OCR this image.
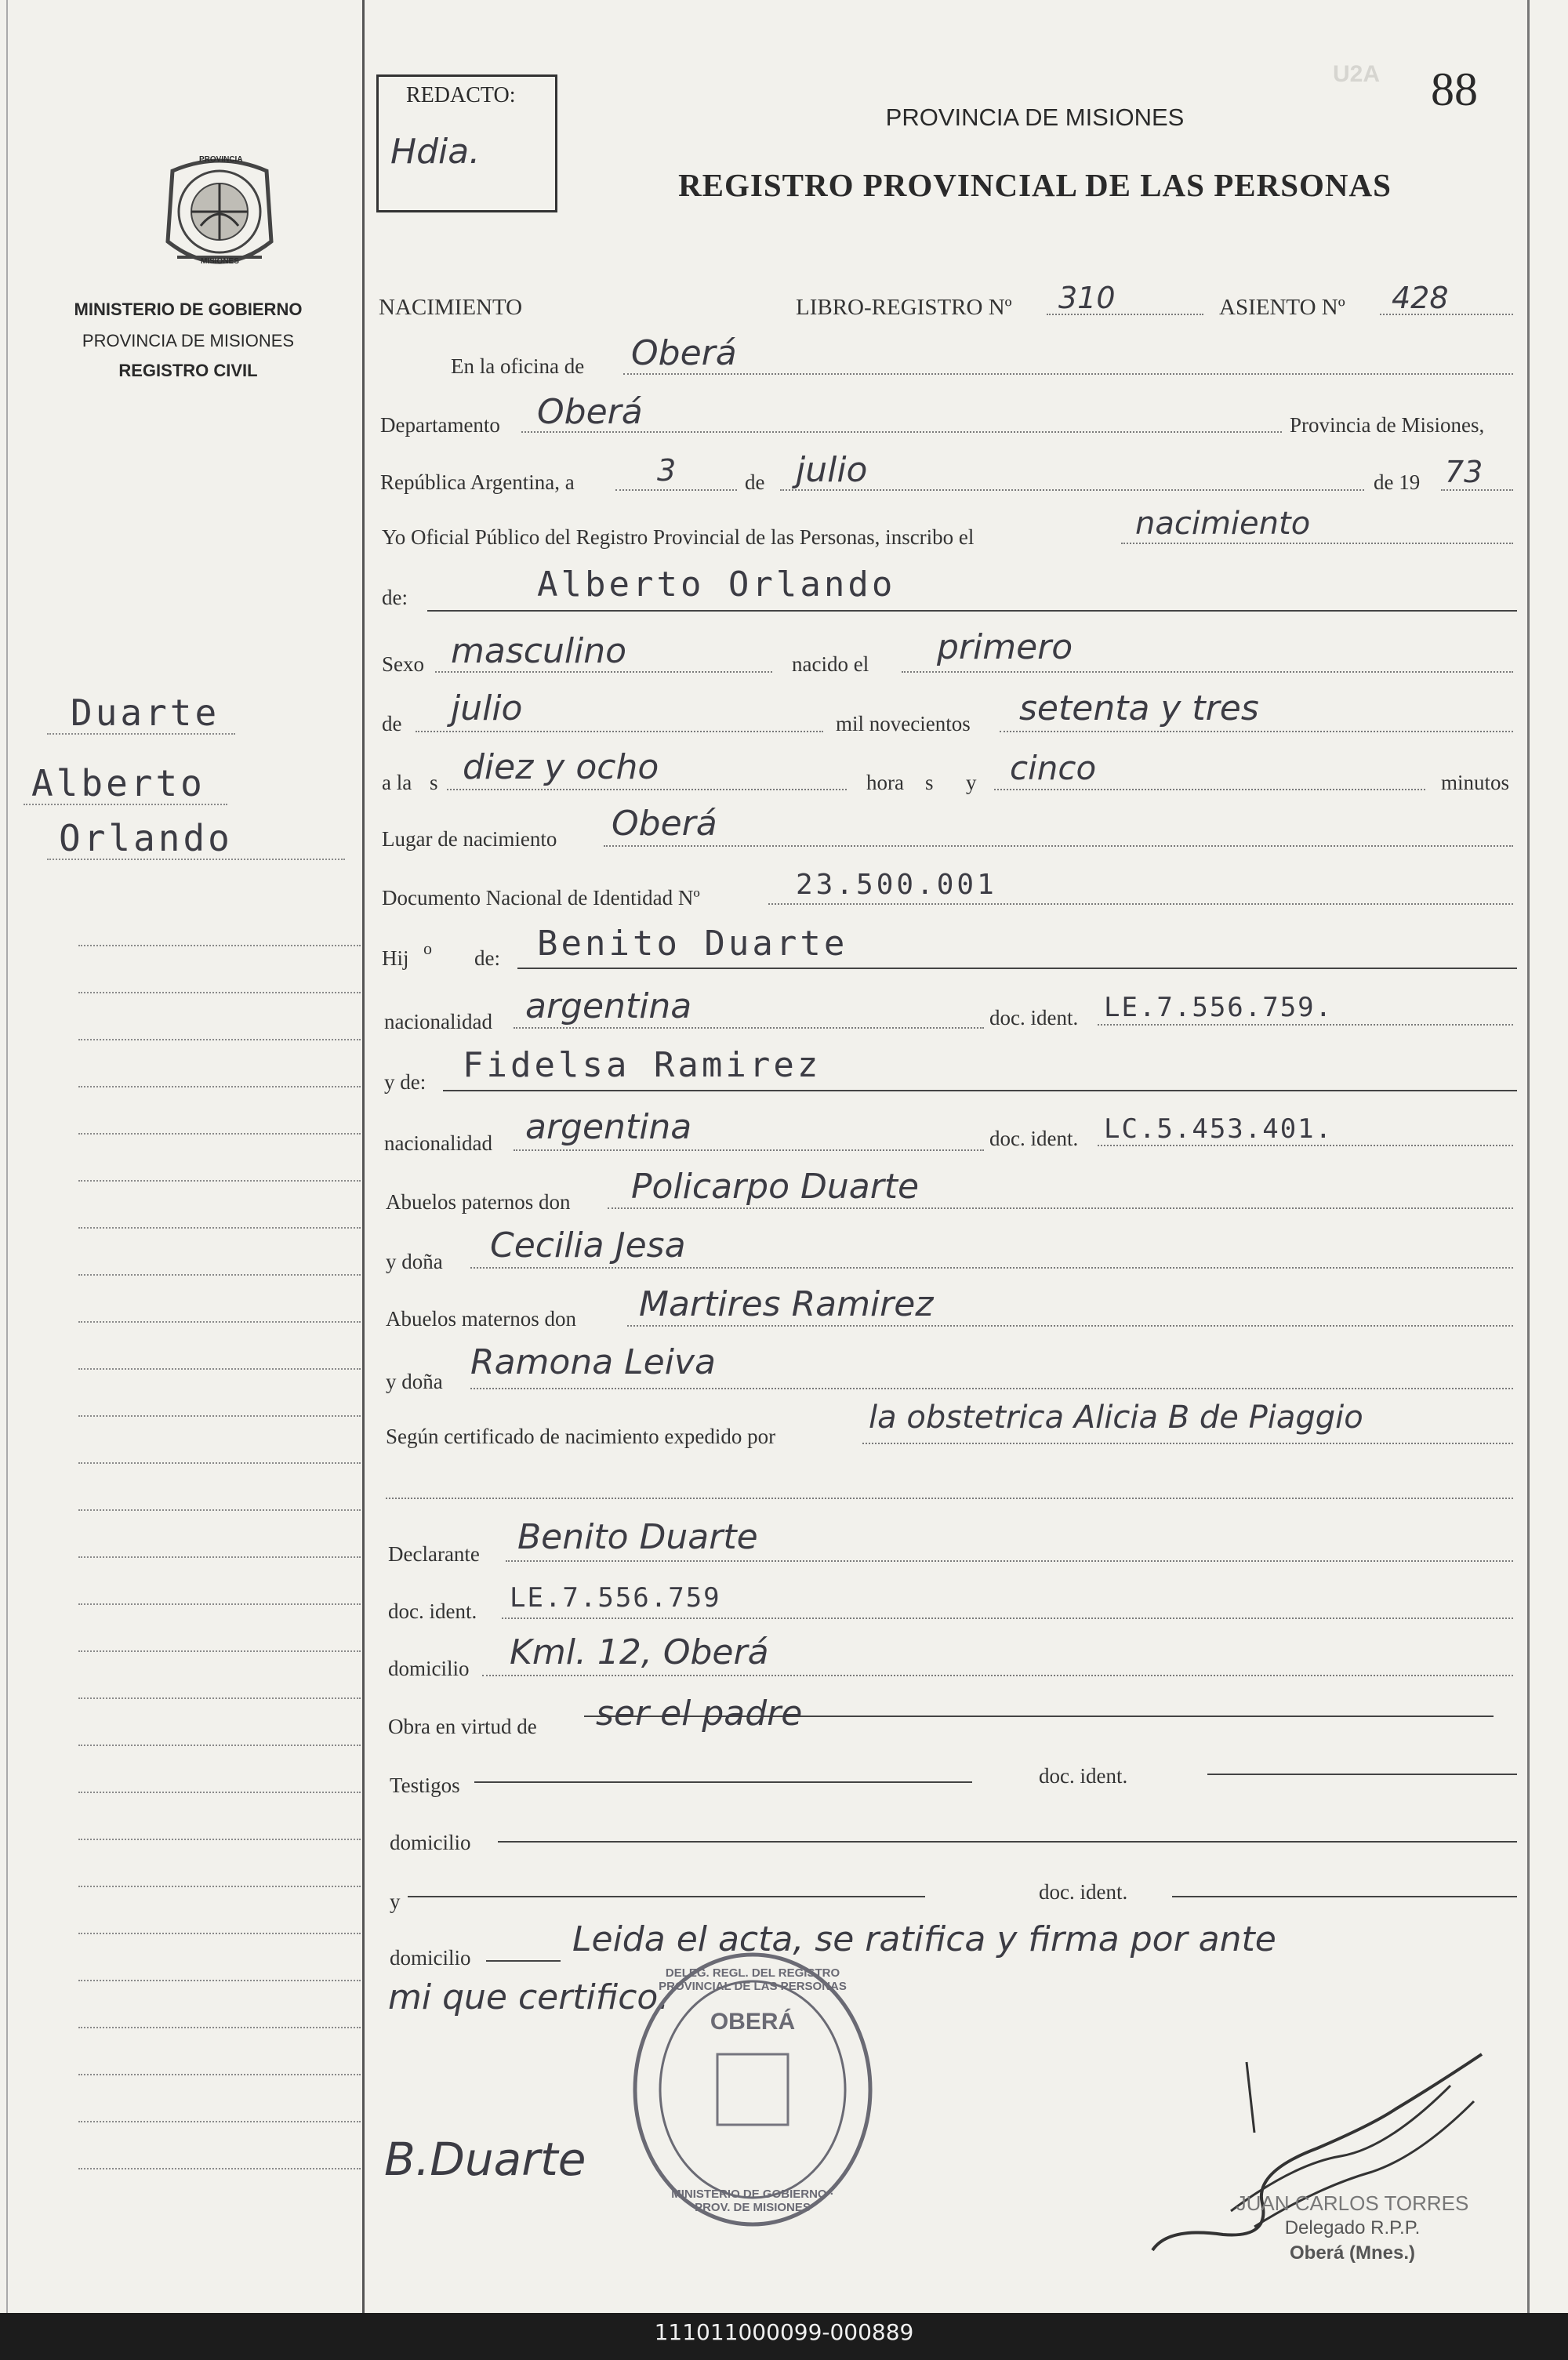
88
U2A
REDACTO:
Hdia.
PROVINCIA DE MISIONES
REGISTRO PROVINCIAL DE LAS PERSONAS
PROVINCIA
MISIONES
MINISTERIO DE GOBIERNO
PROVINCIA DE MISIONES
REGISTRO CIVIL
Duarte
Alberto
Orlando
NACIMIENTO	LIBRO-REGISTRO Nº 310	ASIENTO Nº 428
En la oficina de Oberá
Departamento Oberá	Provincia de Misiones,
República Argentina, a	3	de julio	de 19 73
Yo Oficial Público del Registro Provincial de las Personas, inscribo el	nacimiento
de:	Alberto Orlando
Sexo masculino	nacido el primero
de julio	mil novecientos setenta y tres
a la s diez y ocho	hora s y cinco	minutos
Lugar de nacimiento Oberá
Documento Nacional de Identidad Nº	23.500.001
Hij o de: Benito Duarte
nacionalidad argentina	doc. ident. LE.7.556.759.
y de: Fidelsa Ramirez
nacionalidad argentina	doc. ident. LC.5.453.401.
Abuelos paternos don Policarpo Duarte
y doña Cecilia Jesa
Abuelos maternos don Martires Ramirez
y doña Ramona Leiva
Según certificado de nacimiento expedido por
la obstetrica Alicia B de Piaggio
Declarante Benito Duarte
doc. ident. LE.7.556.759
domicilio Kml. 12, Oberá
Obra en virtud de ser el padre
Testigos	doc. ident.
domicilio
y	doc. ident.
domicilio	Leida el acta, se ratifica y firma por ante
mi que certifico.
DELEG. REGL. DEL REGISTRO PROVINCIAL DE LAS PERSONAS
OBERÁ
MINISTERIO DE GOBIERNO · PROV. DE MISIONES
B.Duarte
JUAN CARLOS TORRES
Delegado R.P.P.
Oberá (Mnes.)
111011000099-000889
